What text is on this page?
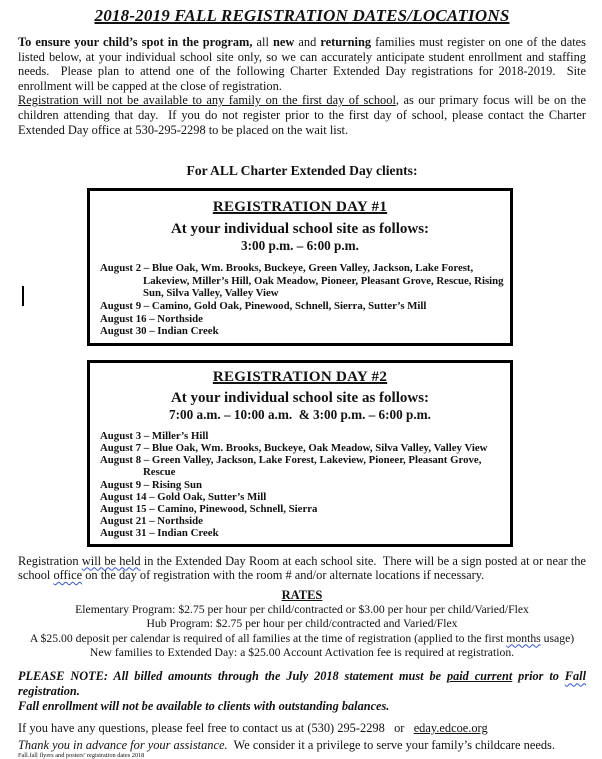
2018-2019 FALL REGISTRATION DATES/LOCATIONS
To ensure your child’s spot in the program, all new and returning families must register on one of the dates listed below, at your individual school site only, so we can accurately anticipate student enrollment and staffing needs.  Please plan to attend one of the following Charter Extended Day registrations for 2018-2019.  Site enrollment will be capped at the close of registration.
Registration will not be available to any family on the first day of school, as our primary focus will be on the children attending that day.  If you do not register prior to the first day of school, please contact the Charter Extended Day office at 530-295-2298 to be placed on the wait list.
For ALL Charter Extended Day clients:
REGISTRATION DAY #1
At your individual school site as follows:
3:00 p.m. – 6:00 p.m.
August 2 – Blue Oak, Wm. Brooks, Buckeye, Green Valley, Jackson, Lake Forest, Lakeview, Miller’s Hill, Oak Meadow, Pioneer, Pleasant Grove, Rescue, Rising Sun, Silva Valley, Valley View
August 9 – Camino, Gold Oak, Pinewood, Schnell, Sierra, Sutter’s Mill
August 16 – Northside
August 30 – Indian Creek
REGISTRATION DAY #2
At your individual school site as follows:
7:00 a.m. – 10:00 a.m.  & 3:00 p.m. – 6:00 p.m.
August 3 – Miller’s Hill
August 7 – Blue Oak, Wm. Brooks, Buckeye, Oak Meadow, Silva Valley, Valley View
August 8 – Green Valley, Jackson, Lake Forest, Lakeview, Pioneer, Pleasant Grove, Rescue
August 9 – Rising Sun
August 14 – Gold Oak, Sutter’s Mill
August 15 – Camino, Pinewood, Schnell, Sierra
August 21 – Northside
August 31 – Indian Creek
Registration will be held in the Extended Day Room at each school site.  There will be a sign posted at or near the school office on the day of registration with the room # and/or alternate locations if necessary.
RATES
Elementary Program: $2.75 per hour per child/contracted or $3.00 per hour per child/Varied/Flex
Hub Program: $2.75 per hour per child/contracted and Varied/Flex
A $25.00 deposit per calendar is required of all families at the time of registration (applied to the first months usage)
New families to Extended Day: a $25.00 Account Activation fee is required at registration.
PLEASE NOTE: All billed amounts through the July 2018 statement must be paid current prior to Fall registration.
Fall enrollment will not be available to clients with outstanding balances.
If you have any questions, please feel free to contact us at (530) 295-2298   or   eday.edcoe.org
Thank you in advance for your assistance.  We consider it a privilege to serve your family’s childcare needs.
Fall.fall flyers and posters’ registration dates 2018
